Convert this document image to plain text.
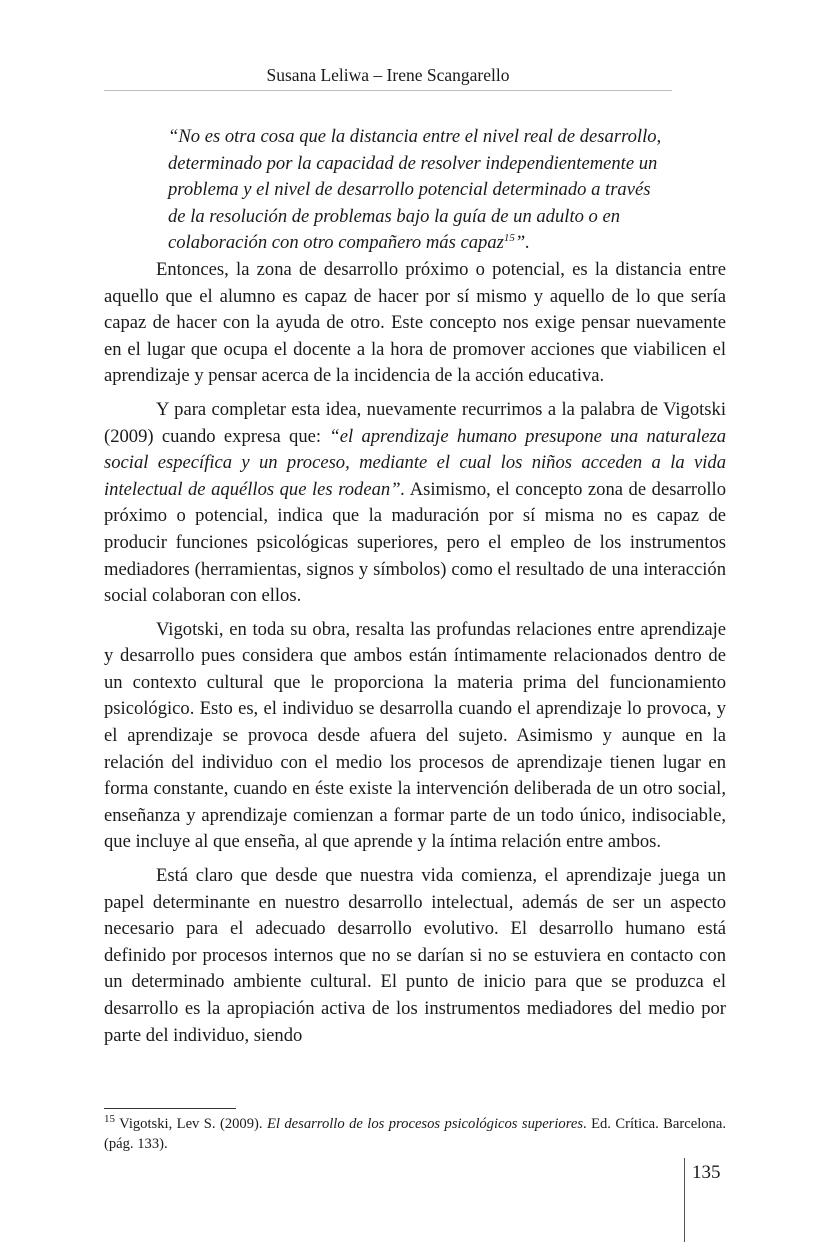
Susana Leliwa – Irene Scangarello

“No es otra cosa que la distancia entre el nivel real de desarrollo, determinado por la capacidad de resolver independientemente un problema y el nivel de desarrollo potencial determinado a través de la resolución de problemas bajo la guía de un adulto o en colaboración con otro compañero más capaz$^{15}$”.

Entonces, la zona de desarrollo próximo o potencial, es la distancia entre aquello que el alumno es capaz de hacer por sí mismo y aquello de lo que sería capaz de hacer con la ayuda de otro. Este concepto nos exige pensar nuevamente en el lugar que ocupa el docente a la hora de promover acciones que viabilicen el aprendizaje y pensar acerca de la incidencia de la acción educativa.

Y para completar esta idea, nuevamente recurrimos a la palabra de Vigotski (2009) cuando expresa que: “el aprendizaje humano presupone una naturaleza social específica y un proceso, mediante el cual los niños acceden a la vida intelectual de aquéllos que les rodean”. Asimismo, el concepto zona de desarrollo próximo o potencial, indica que la maduración por sí misma no es capaz de producir funciones psicológicas superiores, pero el empleo de los instrumentos mediadores (herramientas, signos y símbolos) como el resultado de una interacción social colaboran con ellos.

Vigotski, en toda su obra, resalta las profundas relaciones entre aprendizaje y desarrollo pues considera que ambos están íntimamente relacionados dentro de un contexto cultural que le proporciona la materia prima del funcionamiento psicológico. Esto es, el individuo se desarrolla cuando el aprendizaje lo provoca, y el aprendizaje se provoca desde afuera del sujeto. Asimismo y aunque en la relación del individuo con el medio los procesos de aprendizaje tienen lugar en forma constante, cuando en éste existe la intervención deliberada de un otro social, enseñanza y aprendizaje comienzan a formar parte de un todo único, indisociable, que incluye al que enseña, al que aprende y la íntima relación entre ambos.

Está claro que desde que nuestra vida comienza, el aprendizaje juega un papel determinante en nuestro desarrollo intelectual, además de ser un aspecto necesario para el adecuado desarrollo evolutivo. El desarrollo humano está definido por procesos internos que no se darían si no se estuviera en contacto con un determinado ambiente cultural. El punto de inicio para que se produzca el desarrollo es la apropiación activa de los instrumentos mediadores del medio por parte del individuo, siendo

$^{15}$ Vigotski, Lev S. (2009). El desarrollo de los procesos psicológicos superiores. Ed. Crítica. Barcelona. (pág. 133).
135
